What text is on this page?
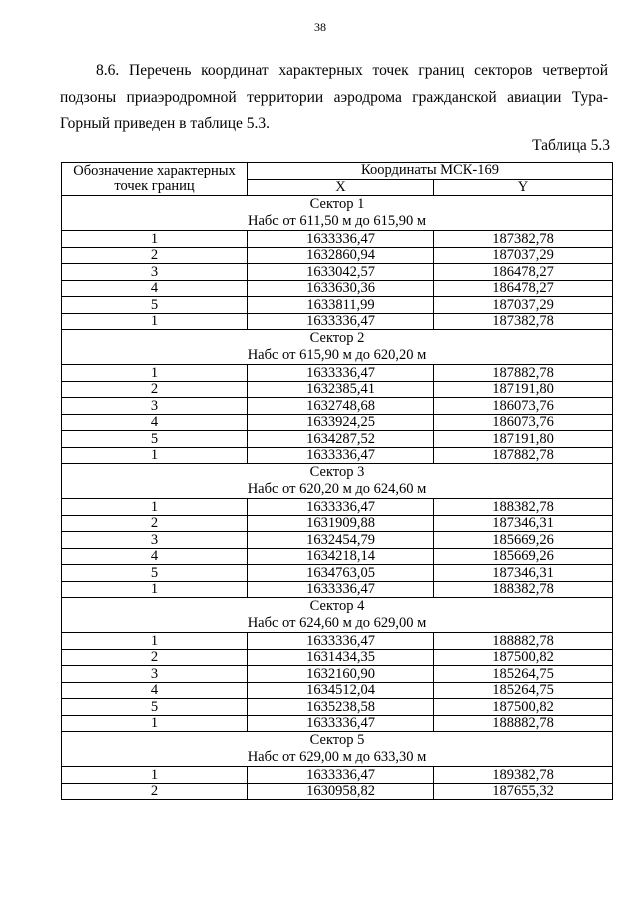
38
8.6. Перечень координат характерных точек границ секторов четвертой подзоны приаэродромной территории аэродрома гражданской авиации Тура-Горный приведен в таблице 5.3.
Таблица 5.3
Обозначение характерных
точек границ	Координаты МСК-169	
	X	Y

Сектор 1
Набс от 611,50 м до 615,90 м		

1	1633336,47	187382,78
2	1632860,94	187037,29
3	1633042,57	186478,27
4	1633630,36	186478,27
5	1633811,99	187037,29
1	1633336,47	187382,78

Сектор 2
Набс от 615,90 м до 620,20 м		

1	1633336,47	187882,78
2	1632385,41	187191,80
3	1632748,68	186073,76
4	1633924,25	186073,76
5	1634287,52	187191,80
1	1633336,47	187882,78

Сектор 3
Набс от 620,20 м до 624,60 м		

1	1633336,47	188382,78
2	1631909,88	187346,31
3	1632454,79	185669,26
4	1634218,14	185669,26
5	1634763,05	187346,31
1	1633336,47	188382,78

Сектор 4
Набс от 624,60 м до 629,00 м		

1	1633336,47	188882,78
2	1631434,35	187500,82
3	1632160,90	185264,75
4	1634512,04	185264,75
5	1635238,58	187500,82
1	1633336,47	188882,78

Сектор 5
Набс от 629,00 м до 633,30 м		

1	1633336,47	189382,78
2	1630958,82	187655,32
